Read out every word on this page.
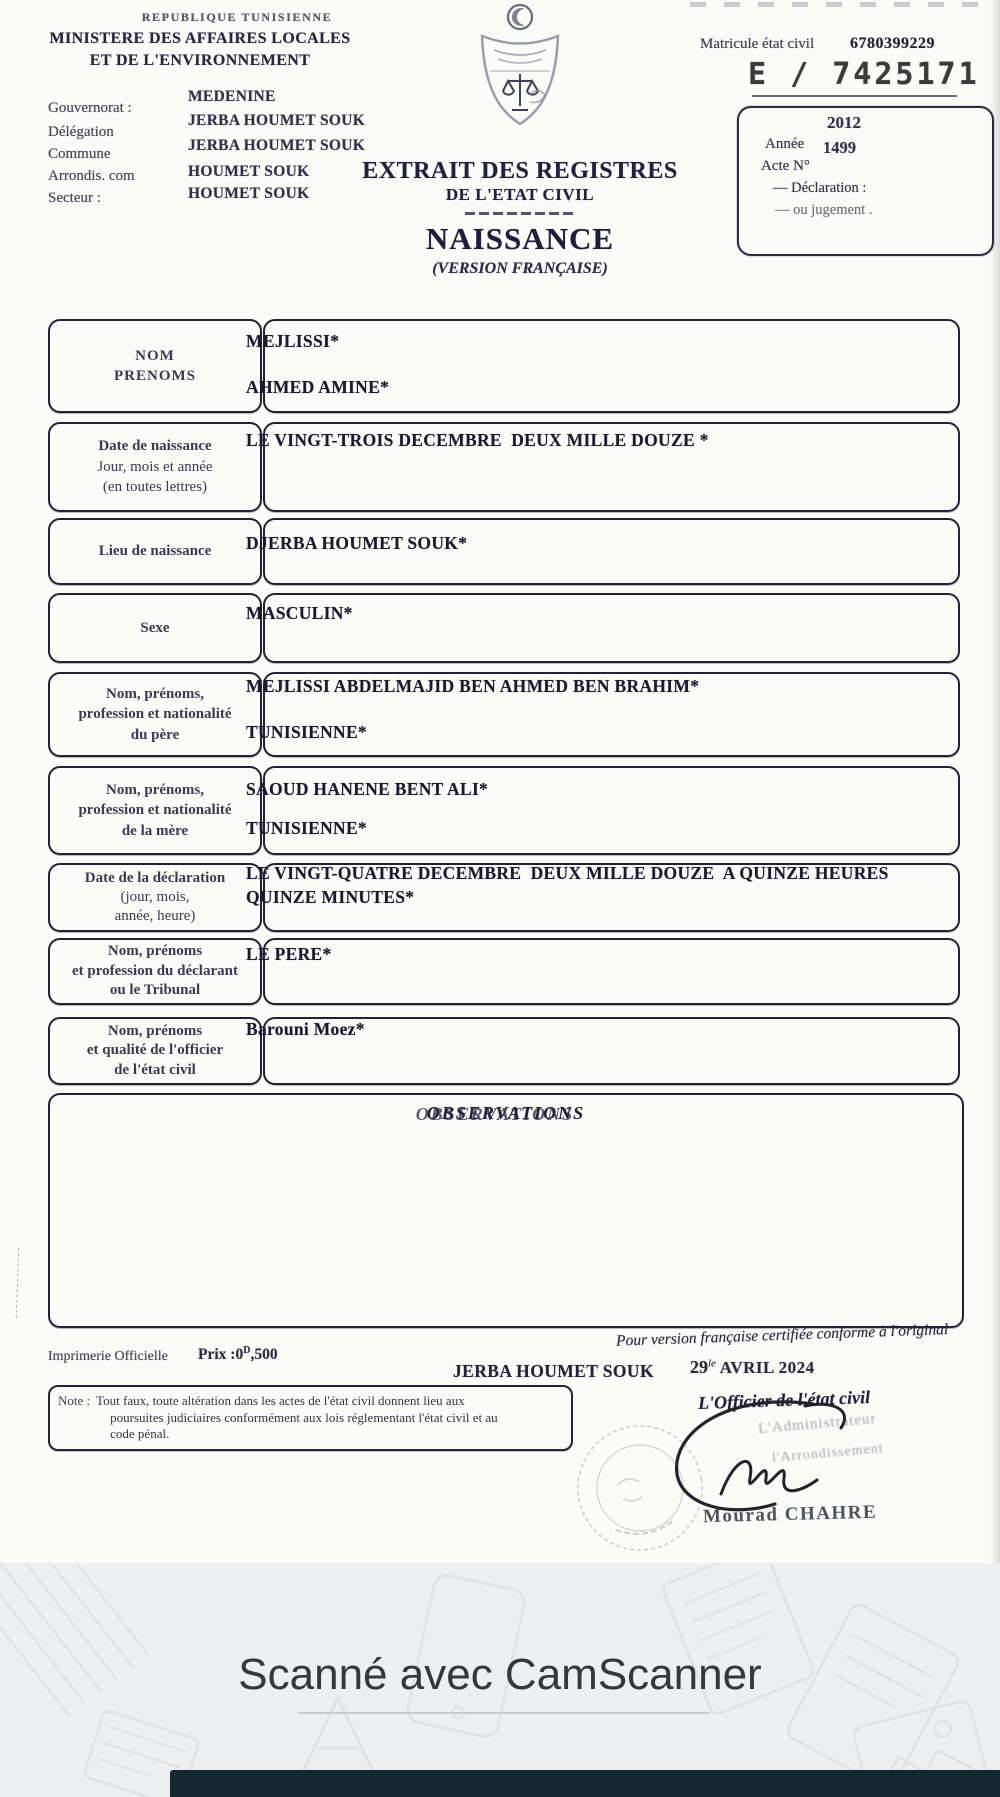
REPUBLIQUE TUNISIENNE
MINISTERE DES AFFAIRES LOCALES
ET DE L'ENVIRONNEMENT
Gouvernorat :
Délégation
Commune
Arrondis. com
Secteur :
MEDENINE
JERBA HOUMET SOUK
JERBA HOUMET SOUK
HOUMET SOUK
HOUMET SOUK
Matricule état civil 6780399229
E / 7425171
2012
Année 1499
Acte N°
— Déclaration :
— ou jugement .
EXTRAIT DES REGISTRES
DE L'ETAT CIVIL
NAISSANCE
(VERSION FRANÇAISE)
NOM
PRENOMS
MEJLISSI*
AHMED AMINE*
Date de naissance
Jour, mois et année
(en toutes lettres)
LE VINGT-TROIS DECEMBRE  DEUX MILLE DOUZE *
Lieu de naissance DJERBA HOUMET SOUK*
Sexe
MASCULIN*
Nom, prénoms,
profession et nationalité
du père
MEJLISSI ABDELMAJID BEN AHMED BEN BRAHIM*
TUNISIENNE*
Nom, prénoms,
profession et nationalité
de la mère
SAOUD HANENE BENT ALI*
TUNISIENNE*
Date de la déclaration
(jour, mois,
année, heure)
LE VINGT-QUATRE DECEMBRE  DEUX MILLE DOUZE  A QUINZE HEURES
QUINZE MINUTES*
Nom, prénoms
et profession du déclarant
ou le Tribunal
LE PERE*
Nom, prénoms
et qualité de l'officier
de l'état civil
Barouni Moez*
OBSERVATIONS
Pour version française certifiée conforme à l'original
Imprimerie Officielle Prix $:0^D,500$
JERBA HOUMET SOUK $29^{le}$ AVRIL 2024
L'Officier de l'état civil
Note : Tout faux, toute altération dans les actes de l'état civil donnent lieu aux
poursuites judiciaires conformément aux lois réglementant l'état civil et au
code pénal.	L'Administrateur
l'Arrondissement
Mourad CHAHRE
Scanné avec CamScanner
